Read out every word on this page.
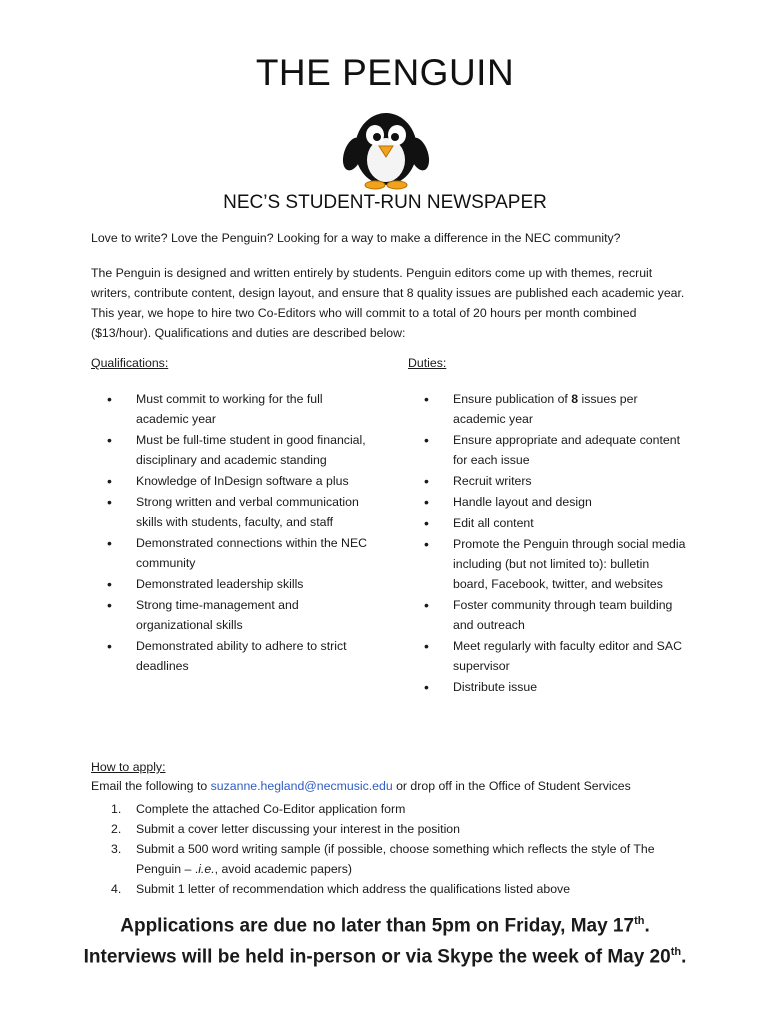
THE PENGUIN
NEC’S STUDENT-RUN NEWSPAPER

Love to write? Love the Penguin? Looking for a way to make a difference in the NEC community?

The Penguin is designed and written entirely by students. Penguin editors come up with themes, recruit writers, contribute content, design layout, and ensure that 8 quality issues are published each academic year. This year, we hope to hire two Co-Editors who will commit to a total of 20 hours per month combined ($13/hour). Qualifications and duties are described below:

Qualifications:	Duties:
• Must commit to working for the full academic year
• Must be full-time student in good financial, disciplinary and academic standing
• Knowledge of InDesign software a plus
• Strong written and verbal communication skills with students, faculty, and staff
• Demonstrated connections within the NEC community
• Demonstrated leadership skills
• Strong time-management and organizational skills
• Demonstrated ability to adhere to strict deadlines
• Ensure publication of 8 issues per academic year
• Ensure appropriate and adequate content for each issue
• Recruit writers
• Handle layout and design
• Edit all content
• Promote the Penguin through social media including (but not limited to): bulletin board, Facebook, twitter, and websites
• Foster community through team building and outreach
• Meet regularly with faculty editor and SAC supervisor
• Distribute issue
How to apply:
Email the following to suzanne.hegland@necmusic.edu or drop off in the Office of Student Services
1. Complete the attached Co-Editor application form
2. Submit a cover letter discussing your interest in the position
3. Submit a 500 word writing sample (if possible, choose something which reflects the style of The Penguin – .i.e., avoid academic papers)
4. Submit 1 letter of recommendation which address the qualifications listed above
Applications are due no later than 5pm on Friday, May 17th.
Interviews will be held in-person or via Skype the week of May 20th.
